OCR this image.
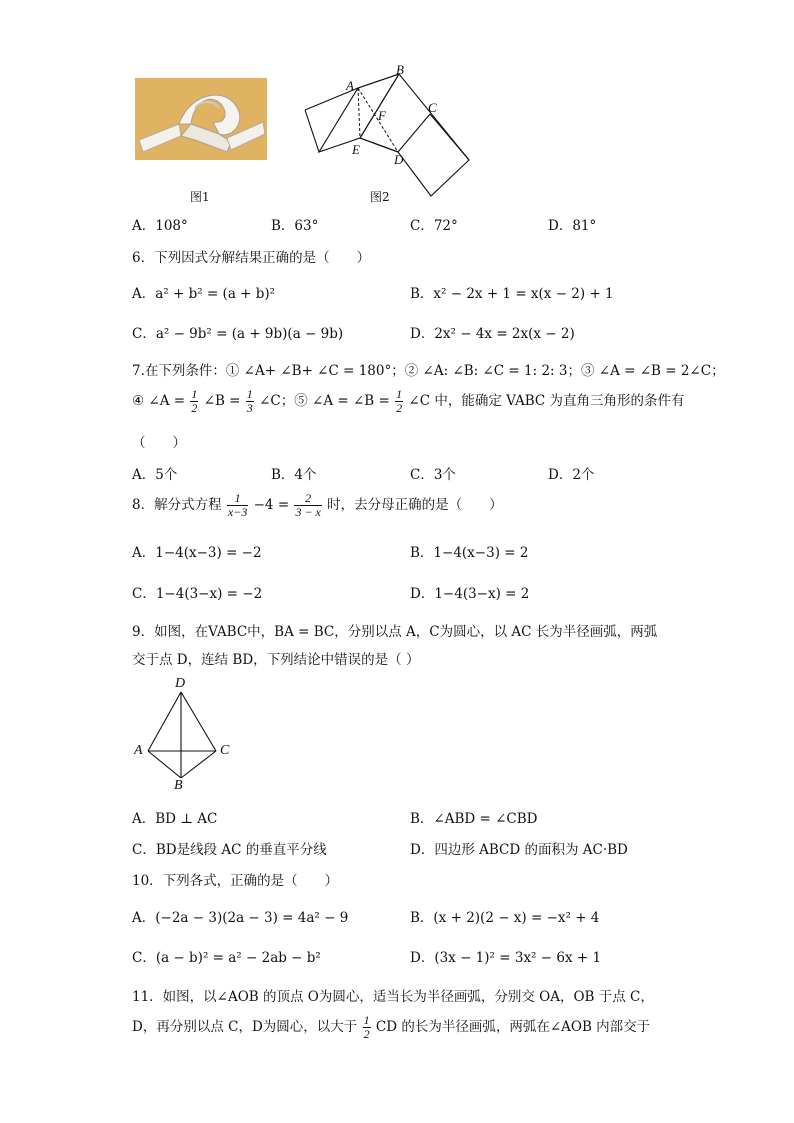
图1
A
B
C
D
E
F
图2
A．108°	B．63°	C．72°	D．81°
6．下列因式分解结果正确的是（　　）
A．a² + b² = (a + b)²	B．x² − 2x + 1 = x(x − 2) + 1
C．a² − 9b² = (a + 9b)(a − 9b)	D．2x² − 4x = 2x(x − 2)
7.在下列条件：① ∠A+ ∠B+ ∠C = 180°；② ∠A: ∠B: ∠C = 1: 2: 3；③ ∠A = ∠B = 2∠C；
④ ∠A = $\frac{1}{2}$ ∠B = $\frac{1}{3}$ ∠C；⑤ ∠A = ∠B = $\frac{1}{2}$ ∠C 中，能确定 VABC 为直角三角形的条件有
（　　）
A．5个	B．4个	C．3个	D．2个
8．解分式方程 $\frac{1}{x-3} -4 = \frac{2}{3 - x}$ 时，去分母正确的是（　　）
A．1−4(x−3) = −2	B．1−4(x−3) = 2
C．1−4(3−x) = −2	D．1−4(3−x) = 2
9．如图，在VABC中，BA = BC，分别以点 A，C为圆心，以 AC 长为半径画弧，两弧
交于点 D，连结 BD，下列结论中错误的是（ ）
D
A	C
B
A．BD ⊥ AC	B．∠ABD = ∠CBD
C．BD是线段 AC 的垂直平分线	D．四边形 ABCD 的面积为 AC·BD
10．下列各式，正确的是（　　）
A．(−2a − 3)(2a − 3) = 4a² − 9	B．(x + 2)(2 − x) = −x² + 4
C．(a − b)² = a² − 2ab − b²	D．(3x − 1)² = 3x² − 6x + 1
11．如图，以∠AOB 的顶点 O为圆心，适当长为半径画弧，分别交 OA，OB 于点 C，
D，再分别以点 C，D为圆心，以大于 $\frac{1}{2}$ CD 的长为半径画弧，两弧在∠AOB 内部交于
